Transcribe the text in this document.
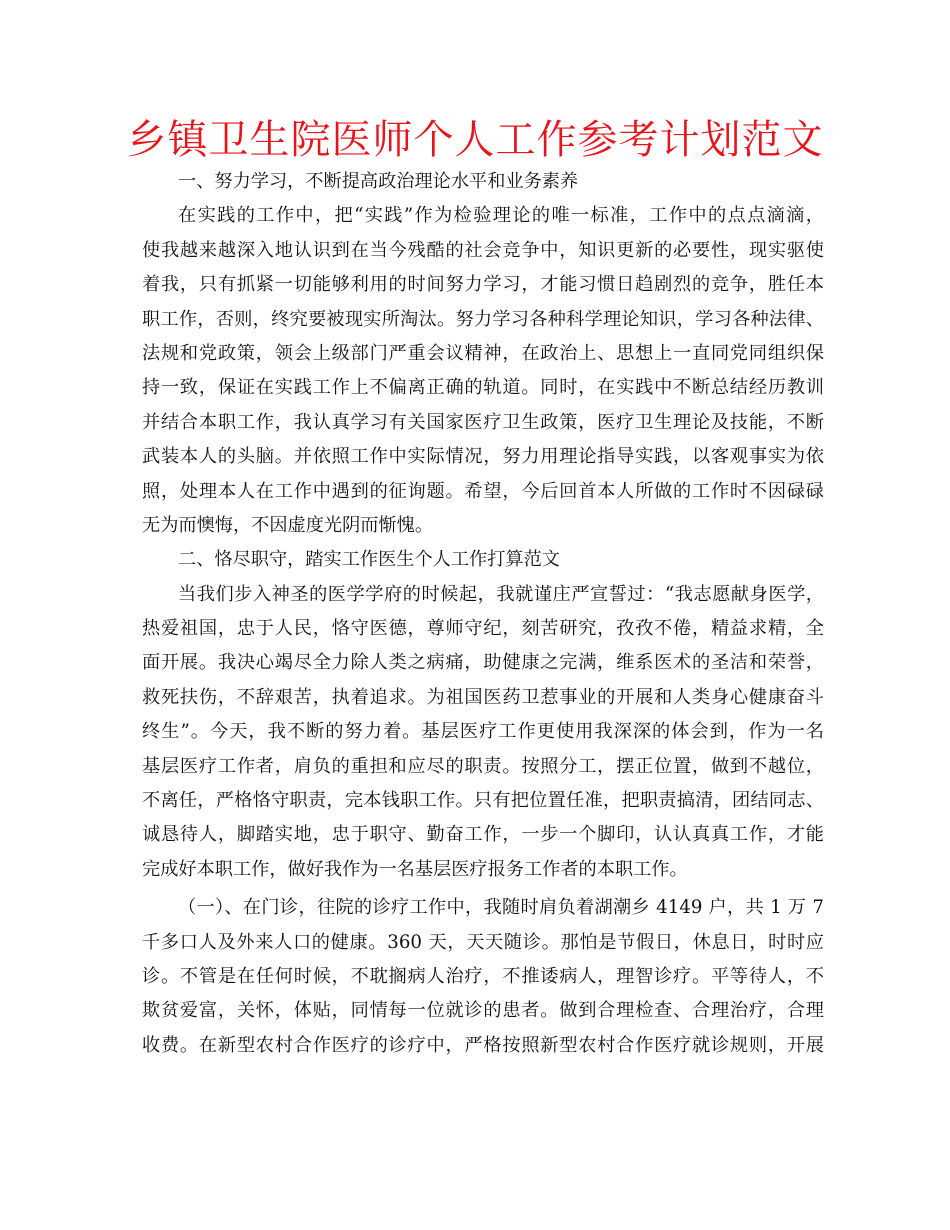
乡镇卫生院医师个人工作参考计划范文
一、努力学习，不断提高政治理论水平和业务素养
在实践的工作中，把“实践”作为检验理论的唯一标准，工作中的点点滴滴，
使我越来越深入地认识到在当今残酷的社会竞争中，知识更新的必要性，现实驱使
着我，只有抓紧一切能够利用的时间努力学习，才能习惯日趋剧烈的竞争，胜任本
职工作，否则，终究要被现实所淘汰。努力学习各种科学理论知识，学习各种法律、
法规和党政策，领会上级部门严重会议精神，在政治上、思想上一直同党同组织保
持一致，保证在实践工作上不偏离正确的轨道。同时，在实践中不断总结经历教训
并结合本职工作，我认真学习有关国家医疗卫生政策，医疗卫生理论及技能，不断
武装本人的头脑。并依照工作中实际情况，努力用理论指导实践，以客观事实为依
照，处理本人在工作中遇到的征询题。希望，今后回首本人所做的工作时不因碌碌
无为而懊悔，不因虚度光阴而惭愧。
二、恪尽职守，踏实工作医生个人工作打算范文
当我们步入神圣的医学学府的时候起，我就谨庄严宣誓过：“我志愿献身医学，
热爱祖国，忠于人民，恪守医德，尊师守纪，刻苦研究，孜孜不倦，精益求精，全
面开展。我决心竭尽全力除人类之病痛，助健康之完满，维系医术的圣洁和荣誉，
救死扶伤，不辞艰苦，执着追求。为祖国医药卫惹事业的开展和人类身心健康奋斗
终生”。今天，我不断的努力着。基层医疗工作更使用我深深的体会到，作为一名
基层医疗工作者，肩负的重担和应尽的职责。按照分工，摆正位置，做到不越位，
不离任，严格恪守职责，完本钱职工作。只有把位置任准，把职责搞清，团结同志、
诚恳待人，脚踏实地，忠于职守、勤奋工作，一步一个脚印，认认真真工作，才能
完成好本职工作，做好我作为一名基层医疗报务工作者的本职工作。
（一）、在门诊，往院的诊疗工作中，我随时肩负着湖潮乡 4149 户，共 1 万 7
千多口人及外来人口的健康。360 天，天天随诊。那怕是节假日，休息日，时时应
诊。不管是在任何时候，不耽搁病人治疗，不推诿病人，理智诊疗。平等待人，不
欺贫爱富，关怀，体贴，同情每一位就诊的患者。做到合理检查、合理治疗，合理
收费。在新型农村合作医疗的诊疗中，严格按照新型农村合作医疗就诊规则，开展
